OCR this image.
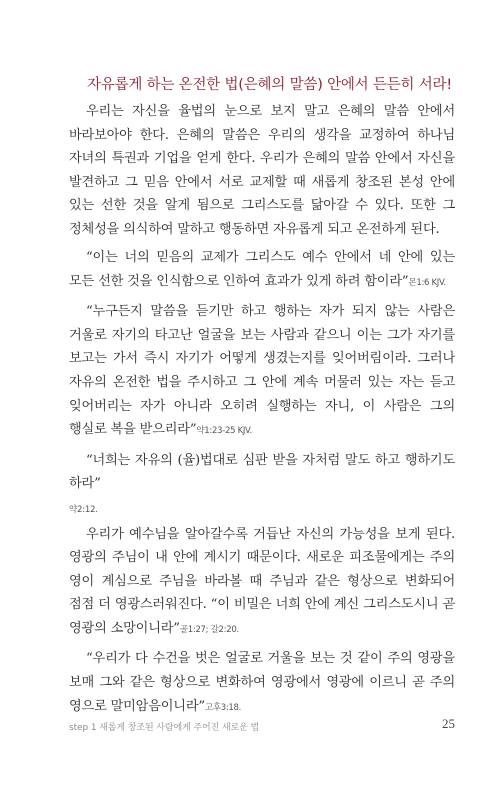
자유롭게 하는 온전한 법(은혜의 말씀) 안에서 든든히 서라!

우리는 자신을 율법의 눈으로 보지 말고 은혜의 말씀 안에서 바라보아야 한다. 은혜의 말씀은 우리의 생각을 교정하여 하나님 자녀의 특권과 기업을 얻게 한다. 우리가 은혜의 말씀 안에서 자신을 발견하고 그 믿음 안에서 서로 교제할 때 새롭게 창조된 본성 안에 있는 선한 것을 알게 됨으로 그리스도를 닮아갈 수 있다. 또한 그 정체성을 의식하여 말하고 행동하면 자유롭게 되고 온전하게 된다.

“이는 너의 믿음의 교제가 그리스도 예수 안에서 네 안에 있는 모든 선한 것을 인식함으로 인하여 효과가 있게 하려 함이라”몬1:6 KJV.

“누구든지 말씀을 듣기만 하고 행하는 자가 되지 않는 사람은 거울로 자기의 타고난 얼굴을 보는 사람과 같으니 이는 그가 자기를 보고는 가서 즉시 자기가 어떻게 생겼는지를 잊어버림이라. 그러나 자유의 온전한 법을 주시하고 그 안에 계속 머물러 있는 자는 듣고 잊어버리는 자가 아니라 오히려 실행하는 자니, 이 사람은 그의 행실로 복을 받으리라”약1:23-25 KJV.

“너희는 자유의 (율)법대로 심판 받을 자처럼 말도 하고 행하기도 하라”

약2:12.

우리가 예수님을 알아갈수록 거듭난 자신의 가능성을 보게 된다. 영광의 주님이 내 안에 계시기 때문이다. 새로운 피조물에게는 주의 영이 계심으로 주님을 바라볼 때 주님과 같은 형상으로 변화되어 점점 더 영광스러워진다. “이 비밀은 너희 안에 계신 그리스도시니 곧 영광의 소망이니라”골1:27; 갈2:20.

“우리가 다 수건을 벗은 얼굴로 거울을 보는 것 같이 주의 영광을 보매 그와 같은 형상으로 변화하여 영광에서 영광에 이르니 곧 주의 영으로 말미암음이니라”고후3:18.

step 1 새롭게 창조된 사람에게 주어진 새로운 법	25
